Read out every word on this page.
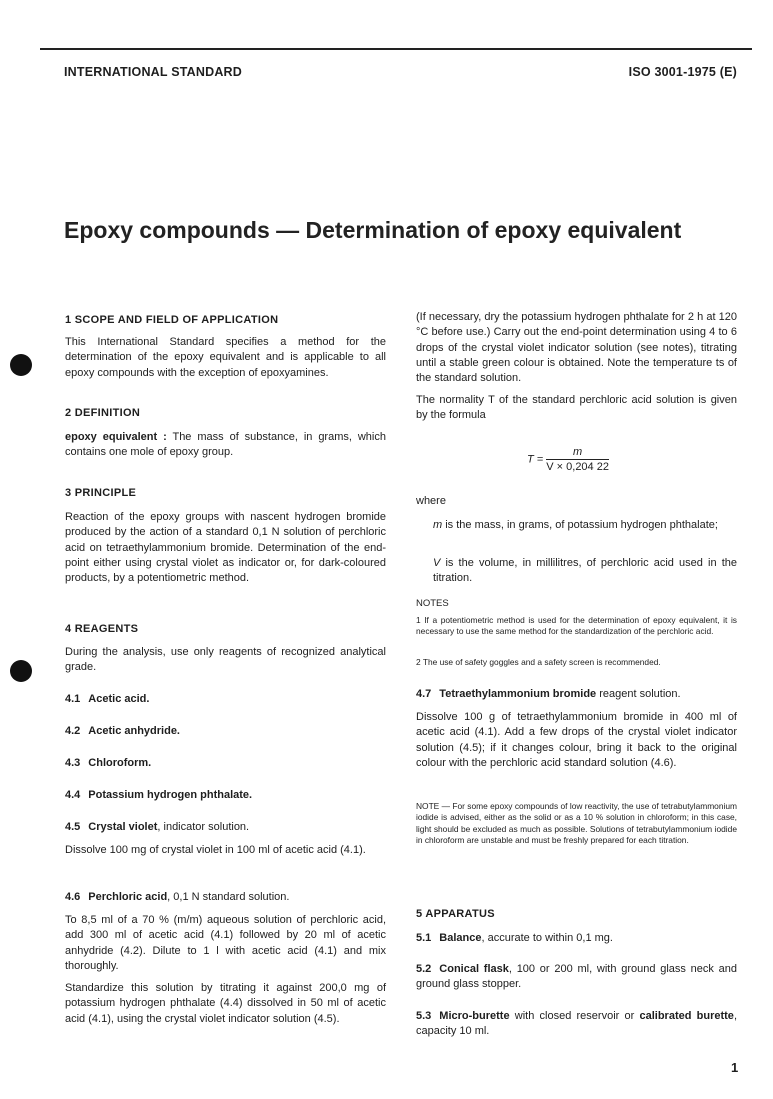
INTERNATIONAL STANDARD	ISO 3001-1975 (E)
Epoxy compounds — Determination of epoxy equivalent
1 SCOPE AND FIELD OF APPLICATION
This International Standard specifies a method for the determination of the epoxy equivalent and is applicable to all epoxy compounds with the exception of epoxyamines.
2 DEFINITION
epoxy equivalent : The mass of substance, in grams, which contains one mole of epoxy group.
3 PRINCIPLE
Reaction of the epoxy groups with nascent hydrogen bromide produced by the action of a standard 0,1 N solution of perchloric acid on tetraethylammonium bromide. Determination of the end-point either using crystal violet as indicator or, for dark-coloured products, by a potentiometric method.
4 REAGENTS
During the analysis, use only reagents of recognized analytical grade.
4.1 Acetic acid.
4.2 Acetic anhydride.
4.3 Chloroform.
4.4 Potassium hydrogen phthalate.
4.5 Crystal violet, indicator solution.
Dissolve 100 mg of crystal violet in 100 ml of acetic acid (4.1).
4.6 Perchloric acid, 0,1 N standard solution.
To 8,5 ml of a 70 % (m/m) aqueous solution of perchloric acid, add 300 ml of acetic acid (4.1) followed by 20 ml of acetic anhydride (4.2). Dilute to 1 l with acetic acid (4.1) and mix thoroughly.
Standardize this solution by titrating it against 200,0 mg of potassium hydrogen phthalate (4.4) dissolved in 50 ml of acetic acid (4.1), using the crystal violet indicator solution (4.5).
(If necessary, dry the potassium hydrogen phthalate for 2 h at 120 °C before use.) Carry out the end-point determination using 4 to 6 drops of the crystal violet indicator solution (see notes), titrating until a stable green colour is obtained. Note the temperature ts of the standard solution.
The normality T of the standard perchloric acid solution is given by the formula
$T = \frac{m}{V \times 0,204 22}$
where
m is the mass, in grams, of potassium hydrogen phthalate;
V is the volume, in millilitres, of perchloric acid used in the titration.
NOTES
1 If a potentiometric method is used for the determination of epoxy equivalent, it is necessary to use the same method for the standardization of the perchloric acid.
2 The use of safety goggles and a safety screen is recommended.
4.7 Tetraethylammonium bromide reagent solution.
Dissolve 100 g of tetraethylammonium bromide in 400 ml of acetic acid (4.1). Add a few drops of the crystal violet indicator solution (4.5); if it changes colour, bring it back to the original colour with the perchloric acid standard solution (4.6).
NOTE — For some epoxy compounds of low reactivity, the use of tetrabutylammonium iodide is advised, either as the solid or as a 10 % solution in chloroform; in this case, light should be excluded as much as possible. Solutions of tetrabutylammonium iodide in chloroform are unstable and must be freshly prepared for each titration.
5 APPARATUS
5.1 Balance, accurate to within 0,1 mg.
5.2 Conical flask, 100 or 200 ml, with ground glass neck and ground glass stopper.
5.3 Micro-burette with closed reservoir or calibrated burette, capacity 10 ml.
1
